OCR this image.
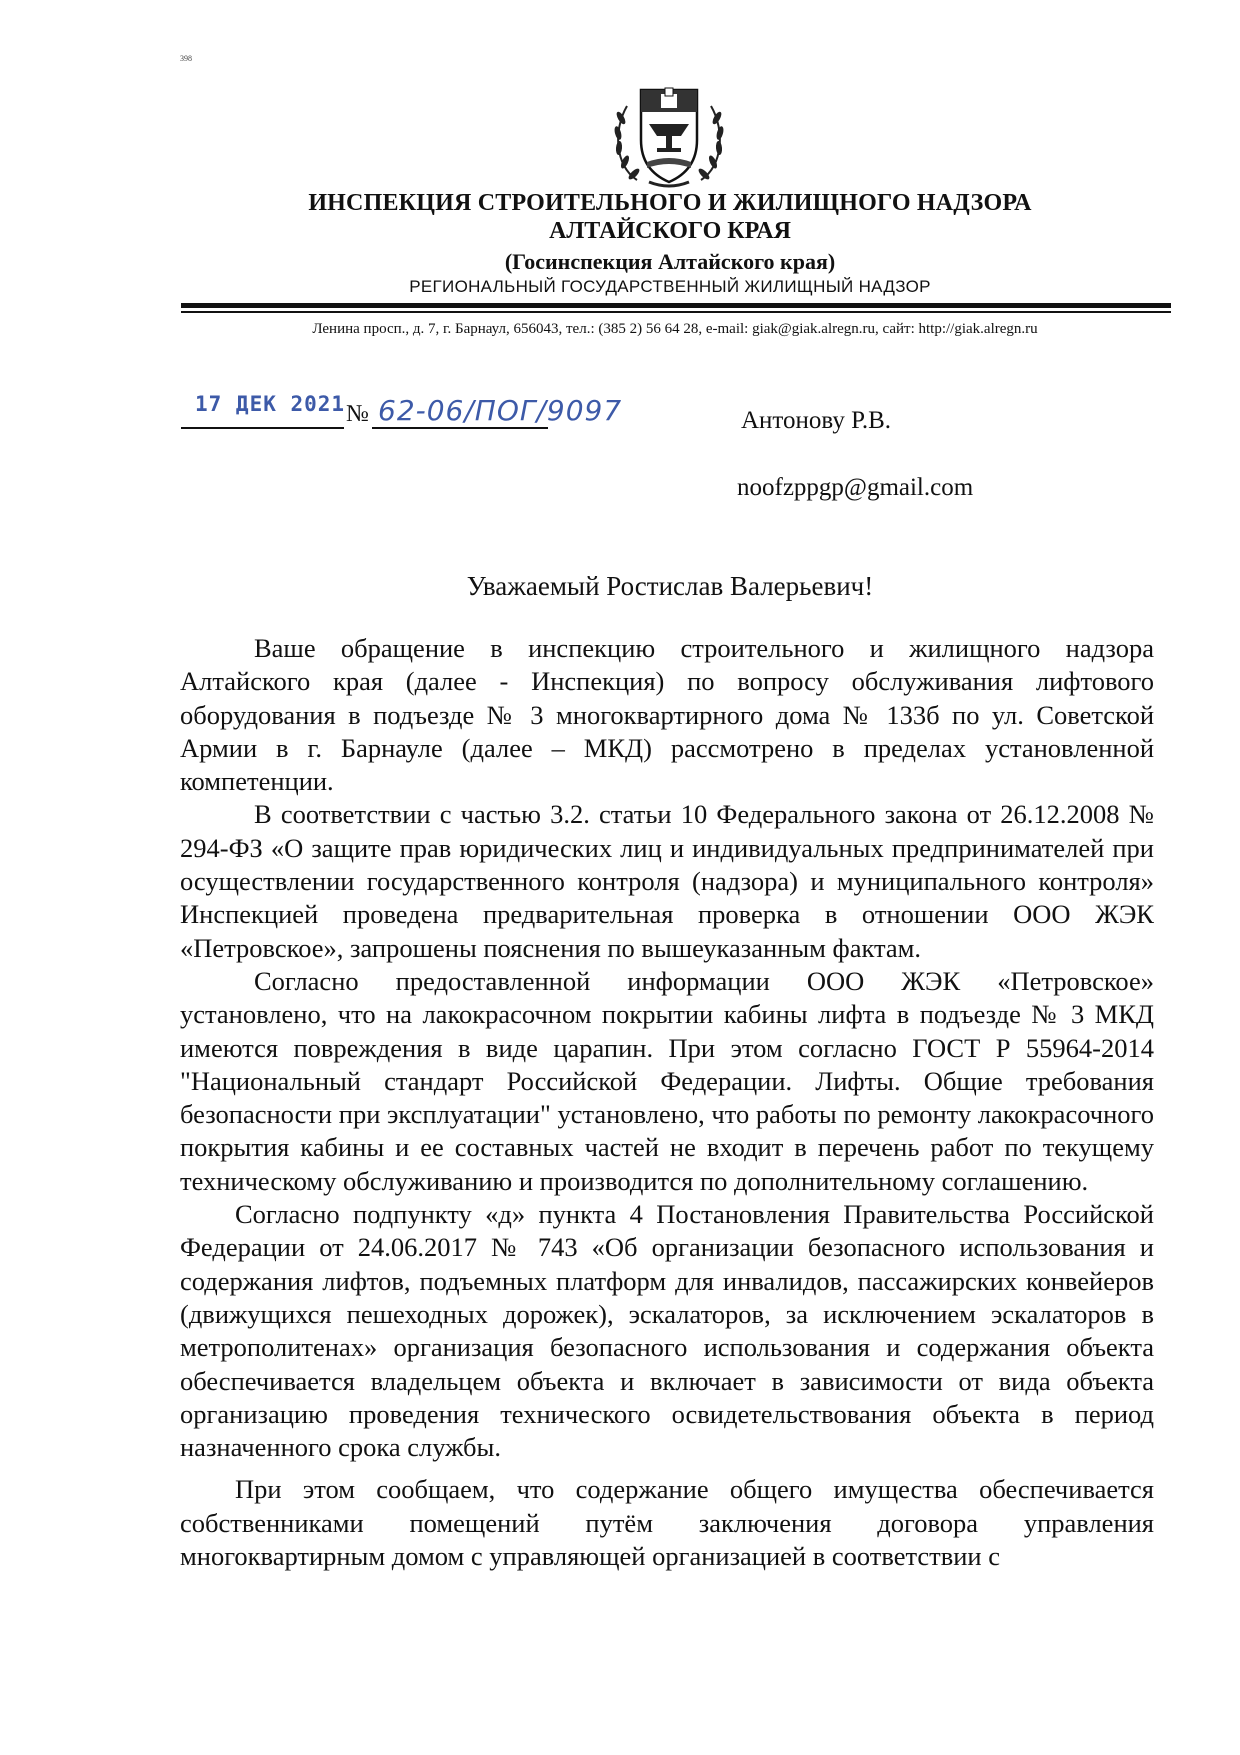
398
ИНСПЕКЦИЯ СТРОИТЕЛЬНОГО И ЖИЛИЩНОГО НАДЗОРА
АЛТАЙСКОГО КРАЯ
(Госинспекция Алтайского края)
РЕГИОНАЛЬНЫЙ ГОСУДАРСТВЕННЫЙ ЖИЛИЩНЫЙ НАДЗОР
Ленина просп., д. 7, г. Барнаул, 656043, тел.: (385 2) 56 64 28, e-mail: giak@giak.alregn.ru, сайт: http://giak.alregn.ru
17 ДЕК 2021 № 62-06/ПОГ/9097	Антонову Р.В.
noofzppgp@gmail.com
Уважаемый Ростислав Валерьевич!

Ваше обращение в инспекцию строительного и жилищного надзора Алтайского края (далее - Инспекция) по вопросу обслуживания лифтового оборудования в подъезде № 3 многоквартирного дома № 133б по ул. Советской Армии в г. Барнауле (далее – МКД) рассмотрено в пределах установленной компетенции.

В соответствии с частью 3.2. статьи 10 Федерального закона от 26.12.2008 № 294-ФЗ «О защите прав юридических лиц и индивидуальных предпринимателей при осуществлении государственного контроля (надзора) и муниципального контроля» Инспекцией проведена предварительная проверка в отношении ООО ЖЭК «Петровское», запрошены пояснения по вышеуказанным фактам.

Согласно предоставленной информации ООО ЖЭК «Петровское» установлено, что на лакокрасочном покрытии кабины лифта в подъезде № 3 МКД имеются повреждения в виде царапин. При этом согласно ГОСТ Р 55964-2014 "Национальный стандарт Российской Федерации. Лифты. Общие требования безопасности при эксплуатации" установлено, что работы по ремонту лакокрасочного покрытия кабины и ее составных частей не входит в перечень работ по текущему техническому обслуживанию и производится по дополнительному соглашению.

Согласно подпункту «д» пункта 4 Постановления Правительства Российской Федерации от 24.06.2017 № 743 «Об организации безопасного использования и содержания лифтов, подъемных платформ для инвалидов, пассажирских конвейеров (движущихся пешеходных дорожек), эскалаторов, за исключением эскалаторов в метрополитенах» организация безопасного использования и содержания объекта обеспечивается владельцем объекта и включает в зависимости от вида объекта организацию проведения технического освидетельствования объекта в период назначенного срока службы.

При этом сообщаем, что содержание общего имущества обеспечивается собственниками помещений путём заключения договора управления многоквартирным домом с управляющей организацией в соответствии с
